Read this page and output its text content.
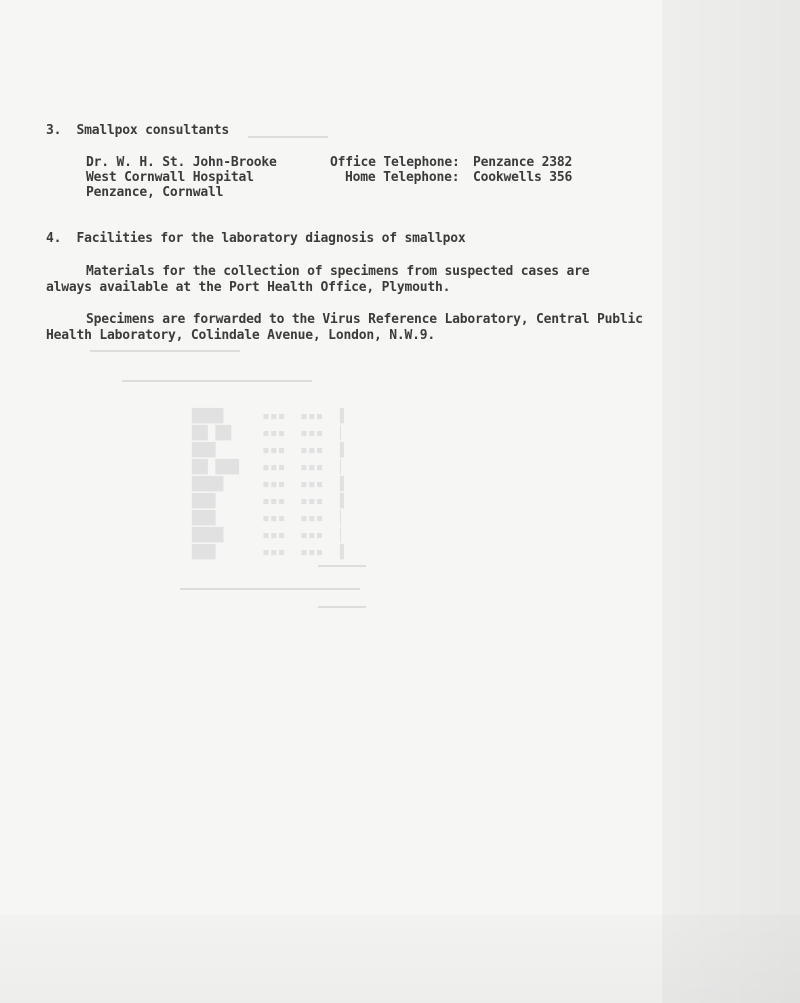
3.  Smallpox consultants
Dr. W. H. St. John-Brooke
West Cornwall Hospital
Penzance, Cornwall
Office Telephone: Penzance 2382
Home Telephone: Cookwells 356
4.  Facilities for the laboratory diagnosis of smallpox
Materials for the collection of specimens from suspected cases are
always available at the Port Health Office, Plymouth.
Specimens are forwarded to the Virus Reference Laboratory, Central Public
Health Laboratory, Colindale Avenue, London, N.W.9.
████
██ ██
███
██ ███
████
███
███
████
███
▪▪▪
▪▪▪
▪▪▪
▪▪▪
▪▪▪
▪▪▪
▪▪▪
▪▪▪
▪▪▪
▪▪▪
▪▪▪
▪▪▪
▪▪▪
▪▪▪
▪▪▪
▪▪▪
▪▪▪
▪▪▪
▌
▏
▌
▏
▌
▌
▏
▏
▌
